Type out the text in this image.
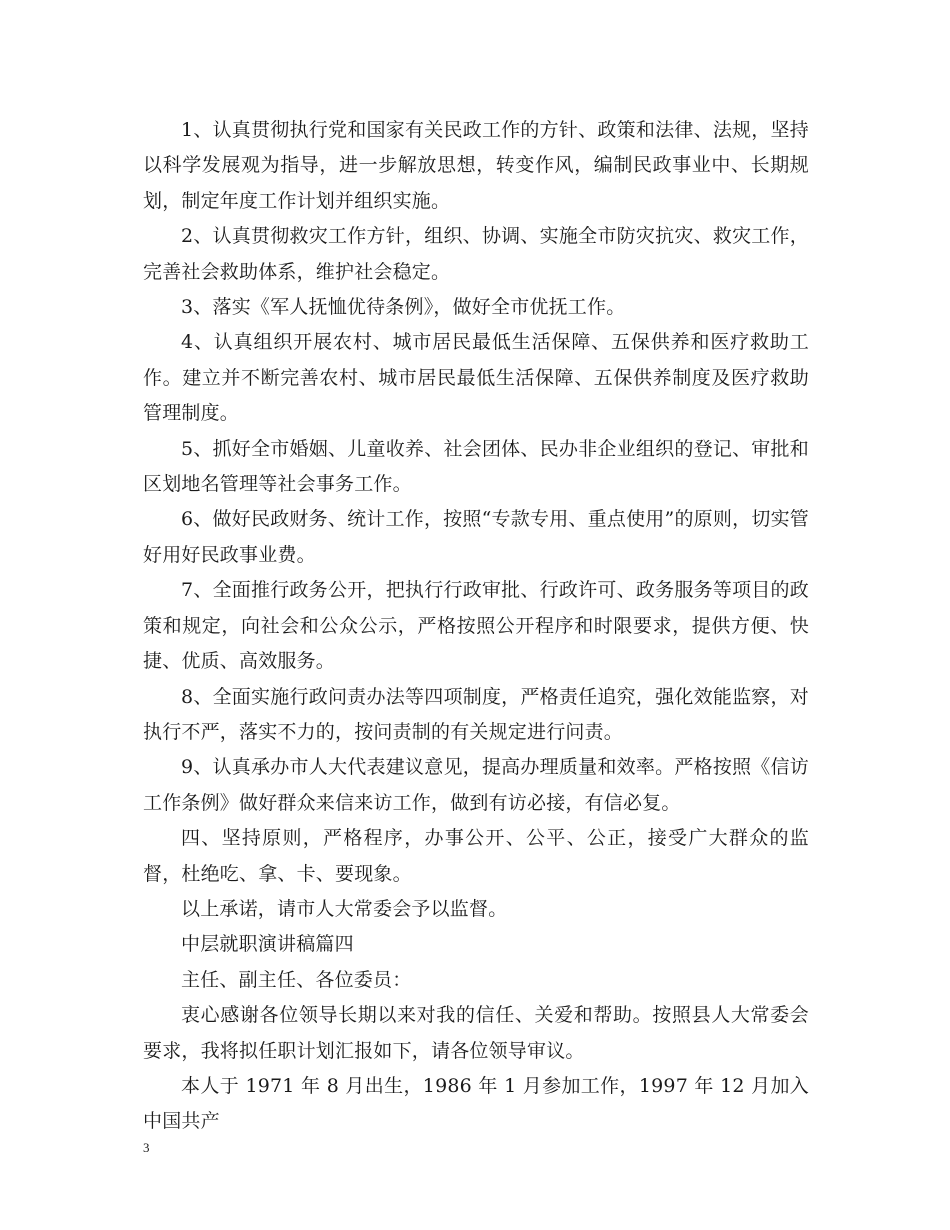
1、认真贯彻执行党和国家有关民政工作的方针、政策和法律、法规，坚持以科学发展观为指导，进一步解放思想，转变作风，编制民政事业中、长期规划，制定年度工作计划并组织实施。

2、认真贯彻救灾工作方针，组织、协调、实施全市防灾抗灾、救灾工作，完善社会救助体系，维护社会稳定。

3、落实《军人抚恤优待条例》，做好全市优抚工作。

4、认真组织开展农村、城市居民最低生活保障、五保供养和医疗救助工作。建立并不断完善农村、城市居民最低生活保障、五保供养制度及医疗救助管理制度。

5、抓好全市婚姻、儿童收养、社会团体、民办非企业组织的登记、审批和区划地名管理等社会事务工作。

6、做好民政财务、统计工作，按照“专款专用、重点使用”的原则，切实管好用好民政事业费。

7、全面推行政务公开，把执行行政审批、行政许可、政务服务等项目的政策和规定，向社会和公众公示，严格按照公开程序和时限要求，提供方便、快捷、优质、高效服务。

8、全面实施行政问责办法等四项制度，严格责任追究，强化效能监察，对执行不严，落实不力的，按问责制的有关规定进行问责。

9、认真承办市人大代表建议意见，提高办理质量和效率。严格按照《信访工作条例》做好群众来信来访工作，做到有访必接，有信必复。

四、坚持原则，严格程序，办事公开、公平、公正，接受广大群众的监督，杜绝吃、拿、卡、要现象。

以上承诺，请市人大常委会予以监督。

中层就职演讲稿篇四

主任、副主任、各位委员：

衷心感谢各位领导长期以来对我的信任、关爱和帮助。按照县人大常委会要求，我将拟任职计划汇报如下，请各位领导审议。

本人于 1971 年 8 月出生，1986 年 1 月参加工作，1997 年 12 月加入中国共产

3
